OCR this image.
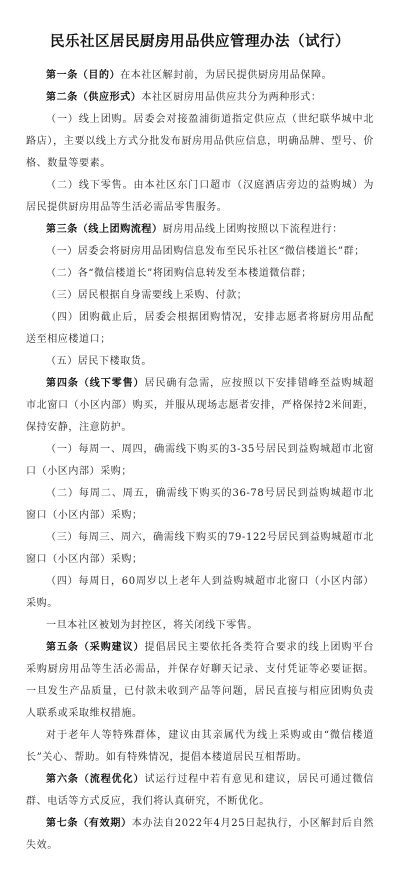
民乐社区居民厨房用品供应管理办法（试行）

第一条（目的）在本社区解封前，为居民提供厨房用品保障。

第二条（供应形式）本社区厨房用品供应共分为两种形式：

（一）线上团购。居委会对接盈浦街道指定供应点（世纪联华城中北路店），主要以线上方式分批发布厨房用品供应信息，明确品牌、型号、价格、数量等要素。

（二）线下零售。由本社区东门口超市（汉庭酒店旁边的益购城）为居民提供厨房用品等生活必需品零售服务。

第三条（线上团购流程）厨房用品线上团购按照以下流程进行：

（一）居委会将厨房用品团购信息发布至民乐社区“微信楼道长”群；

（二）各“微信楼道长”将团购信息转发至本楼道微信群；

（三）居民根据自身需要线上采购、付款；

（四）团购截止后，居委会根据团购情况，安排志愿者将厨房用品配送至相应楼道口；

（五）居民下楼取货。

第四条（线下零售）居民确有急需，应按照以下安排错峰至益购城超市北窗口（小区内部）购买，并服从现场志愿者安排，严格保持2米间距，保持安静，注意防护。

（一）每周一、周四，确需线下购买的3-35号居民到益购城超市北窗口（小区内部）采购；

（二）每周二、周五，确需线下购买的36-78号居民到益购城超市北窗口（小区内部）采购；

（三）每周三、周六，确需线下购买的79-122号居民到益购城超市北窗口（小区内部）采购；

（四）每周日，60周岁以上老年人到益购城超市北窗口（小区内部）采购。

一旦本社区被划为封控区，将关闭线下零售。

第五条（采购建议）提倡居民主要依托各类符合要求的线上团购平台采购厨房用品等生活必需品，并保存好聊天记录、支付凭证等必要证据。一旦发生产品质量，已付款未收到产品等问题，居民直接与相应团购负责人联系或采取维权措施。

对于老年人等特殊群体，建议由其亲属代为线上采购或由“微信楼道长”关心、帮助。如有特殊情况，提倡本楼道居民互相帮助。

第六条（流程优化）试运行过程中若有意见和建议，居民可通过微信群、电话等方式反应，我们将认真研究，不断优化。

第七条（有效期）本办法自2022年4月25日起执行，小区解封后自然失效。
